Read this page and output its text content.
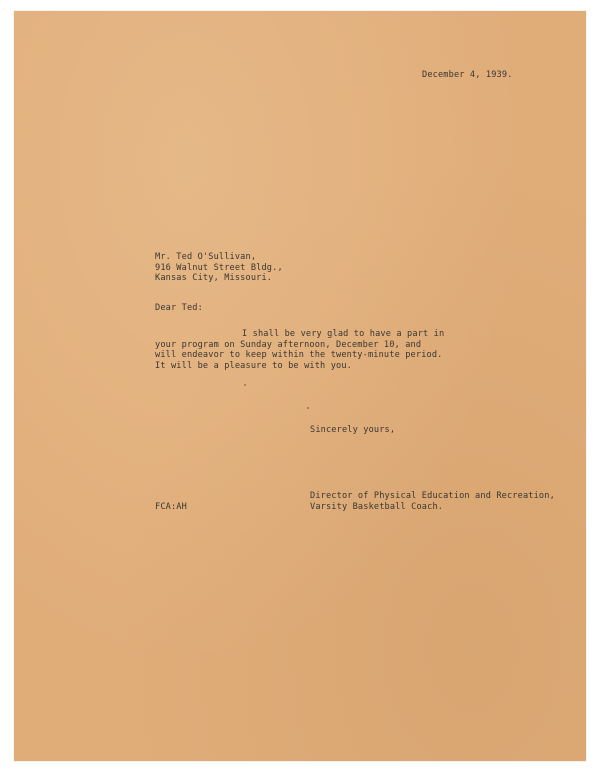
December 4, 1939.
Mr. Ted O'Sullivan,
916 Walnut Street Bldg.,
Kansas City, Missouri.
Dear Ted:
I shall be very glad to have a part in
your program on Sunday afternoon, December 10, and
will endeavor to keep within the twenty-minute period.
It will be a pleasure to be with you.
Sincerely yours,
Director of Physical Education and Recreation,
Varsity Basketball Coach.
FCA:AH
